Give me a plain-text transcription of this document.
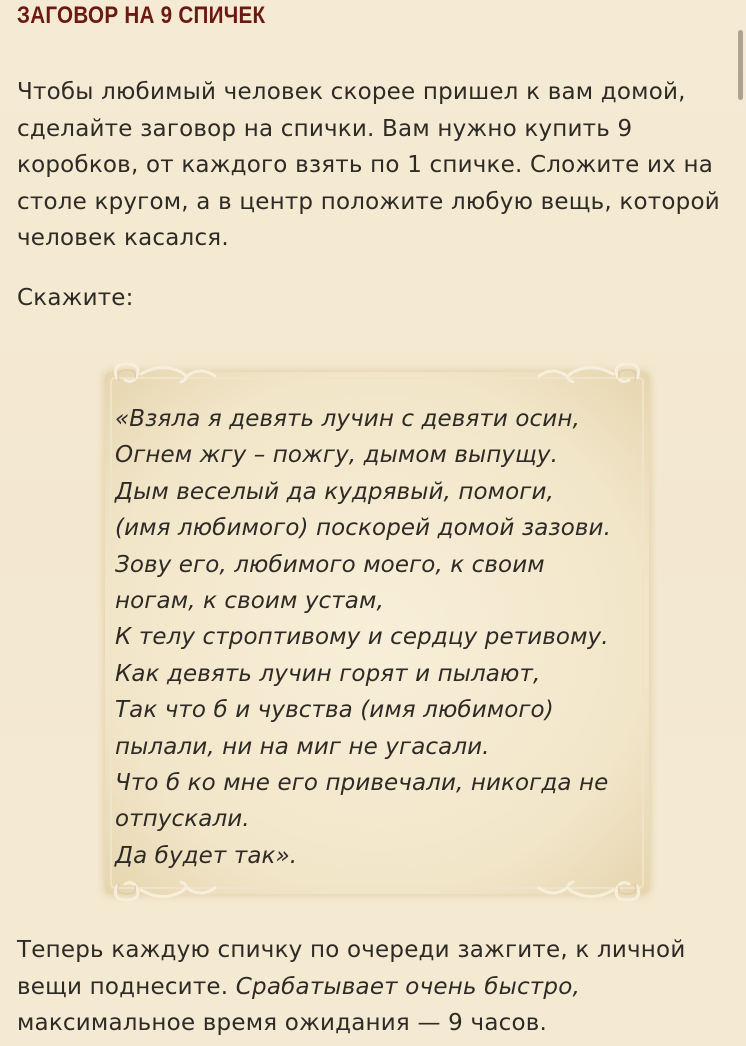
ЗАГОВОР НА 9 СПИЧЕК

Чтобы любимый человек скорее пришел к вам домой, сделайте заговор на спички. Вам нужно купить 9 коробков, от каждого взять по 1 спичке. Сложите их на столе кругом, а в центр положите любую вещь, которой человек касался.

Скажите:

«Взяла я девять лучин с девяти осин,
Огнем жгу – пожгу, дымом выпущу.
Дым веселый да кудрявый, помоги,
(имя любимого) поскорей домой зазови.
Зову его, любимого моего, к своим
ногам, к своим устам,
К телу строптивому и сердцу ретивому.
Как девять лучин горят и пылают,
Так что б и чувства (имя любимого)
пылали, ни на миг не угасали.
Что б ко мне его привечали, никогда не
отпускали.
Да будет так».

Теперь каждую спичку по очереди зажгите, к личной вещи поднесите. Срабатывает очень быстро, максимальное время ожидания — 9 часов.
